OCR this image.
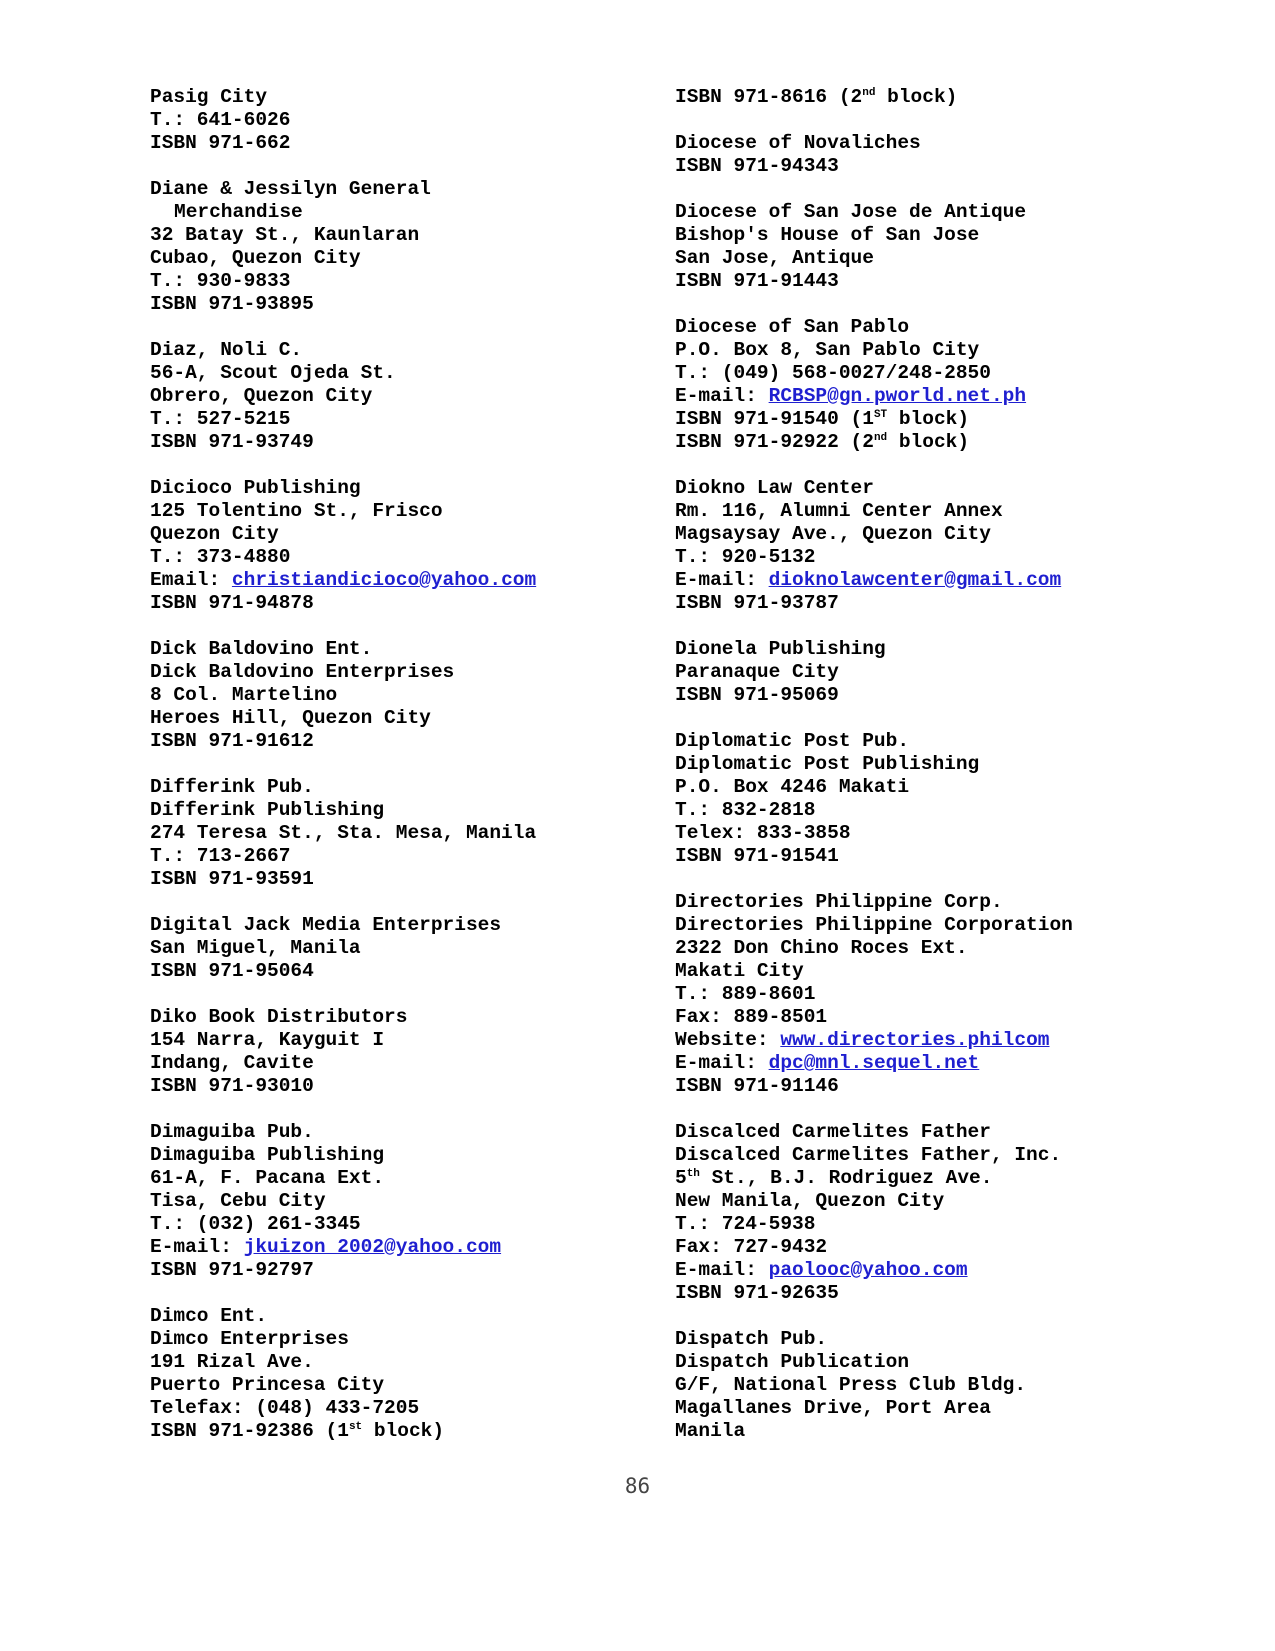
Pasig City
T.: 641-6026
ISBN 971-662
Diane & Jessilyn General
Merchandise
32 Batay St., Kaunlaran
Cubao, Quezon City
T.: 930-9833
ISBN 971-93895
Diaz, Noli C.
56-A, Scout Ojeda St.
Obrero, Quezon City
T.: 527-5215
ISBN 971-93749
Dicioco Publishing
125 Tolentino St., Frisco
Quezon City
T.: 373-4880
Email: christiandicioco@yahoo.com
ISBN 971-94878
Dick Baldovino Ent.
Dick Baldovino Enterprises
8 Col. Martelino
Heroes Hill, Quezon City
ISBN 971-91612
Differink Pub.
Differink Publishing
274 Teresa St., Sta. Mesa, Manila
T.: 713-2667
ISBN 971-93591
Digital Jack Media Enterprises
San Miguel, Manila
ISBN 971-95064
Diko Book Distributors
154 Narra, Kayguit I
Indang, Cavite
ISBN 971-93010
Dimaguiba Pub.
Dimaguiba Publishing
61-A, F. Pacana Ext.
Tisa, Cebu City
T.: (032) 261-3345
E-mail: jkuizon_2002@yahoo.com
ISBN 971-92797
Dimco Ent.
Dimco Enterprises
191 Rizal Ave.
Puerto Princesa City
Telefax: (048) 433-7205
ISBN 971-92386 (1st block)
ISBN 971-8616 (2nd block)
Diocese of Novaliches
ISBN 971-94343
Diocese of San Jose de Antique
Bishop's House of San Jose
San Jose, Antique
ISBN 971-91443
Diocese of San Pablo
P.O. Box 8, San Pablo City
T.: (049) 568-0027/248-2850
E-mail: RCBSP@gn.pworld.net.ph
ISBN 971-91540 (1ST block)
ISBN 971-92922 (2nd block)
Diokno Law Center
Rm. 116, Alumni Center Annex
Magsaysay Ave., Quezon City
T.: 920-5132
E-mail: dioknolawcenter@gmail.com
ISBN 971-93787
Dionela Publishing
Paranaque City
ISBN 971-95069
Diplomatic Post Pub.
Diplomatic Post Publishing
P.O. Box 4246 Makati
T.: 832-2818
Telex: 833-3858
ISBN 971-91541
Directories Philippine Corp.
Directories Philippine Corporation
2322 Don Chino Roces Ext.
Makati City
T.: 889-8601
Fax: 889-8501
Website: www.directories.philcom
E-mail: dpc@mnl.sequel.net
ISBN 971-91146
Discalced Carmelites Father
Discalced Carmelites Father, Inc.
5th St., B.J. Rodriguez Ave.
New Manila, Quezon City
T.: 724-5938
Fax: 727-9432
E-mail: paolooc@yahoo.com
ISBN 971-92635
Dispatch Pub.
Dispatch Publication
G/F, National Press Club Bldg.
Magallanes Drive, Port Area
Manila
86
